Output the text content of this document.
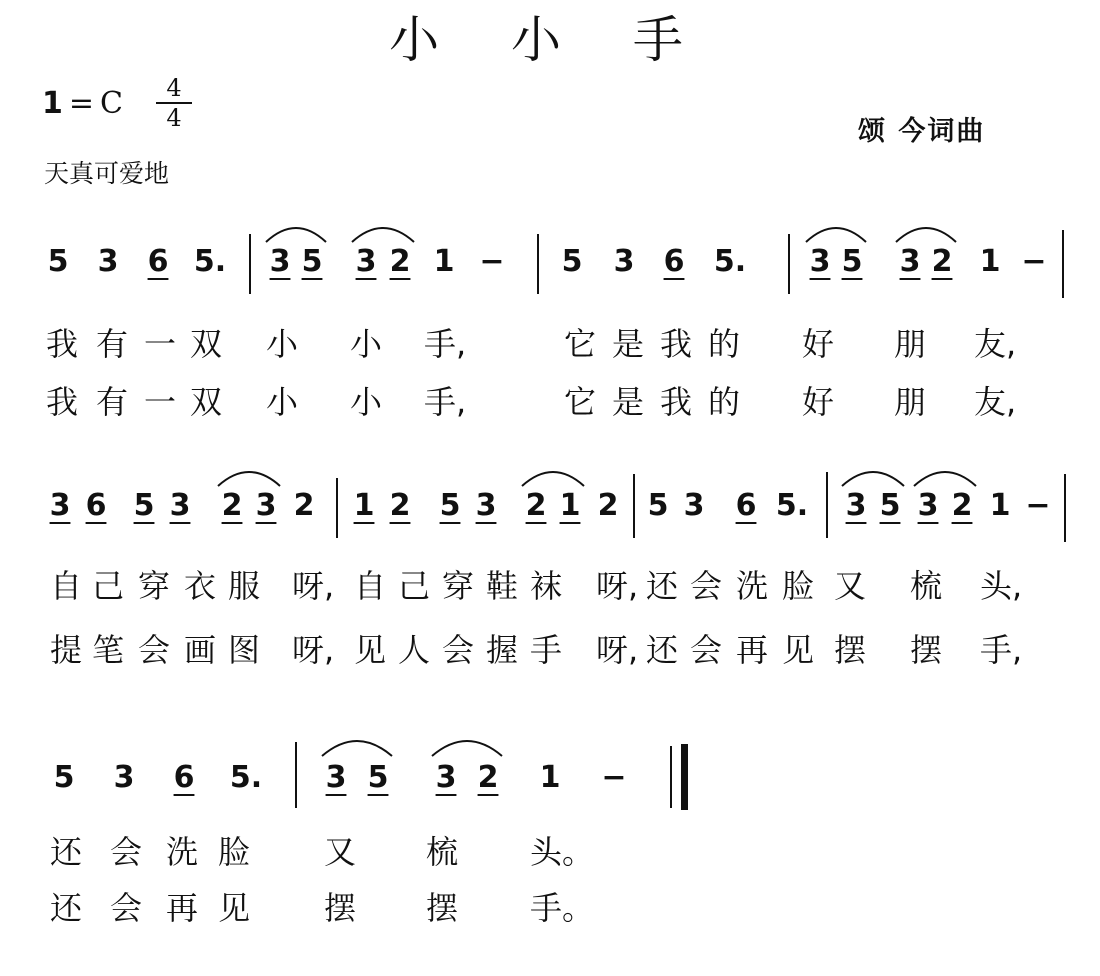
小 小 手
1 = C	4
4	颂 今词曲
天真可爱地
5 3 6 5. 3 5 3 2 1 − 5 3 6 5. 3 5 3 2 1 −
我 有 一 双 小 小 手,	它 是 我 的 好 朋 友,
我 有 一 双 小 小 手,	它 是 我 的 好 朋 友,
3 6 5 3 2 3 2 1 2 5 3 2 1 2 5 3 6 5. 3 5 3 2 1 −
自 己 穿 衣 服 呀, 自 己 穿 鞋 袜 呀, 还 会 洗 脸 又 梳 头,
提 笔 会 画 图 呀, 见 人 会 握 手 呀, 还 会 再 见 摆 摆 手,
5 3 6 5. 3 5 3 2 1 −
还 会 洗 脸 又 梳 头。
还 会 再 见 摆 摆 手。
